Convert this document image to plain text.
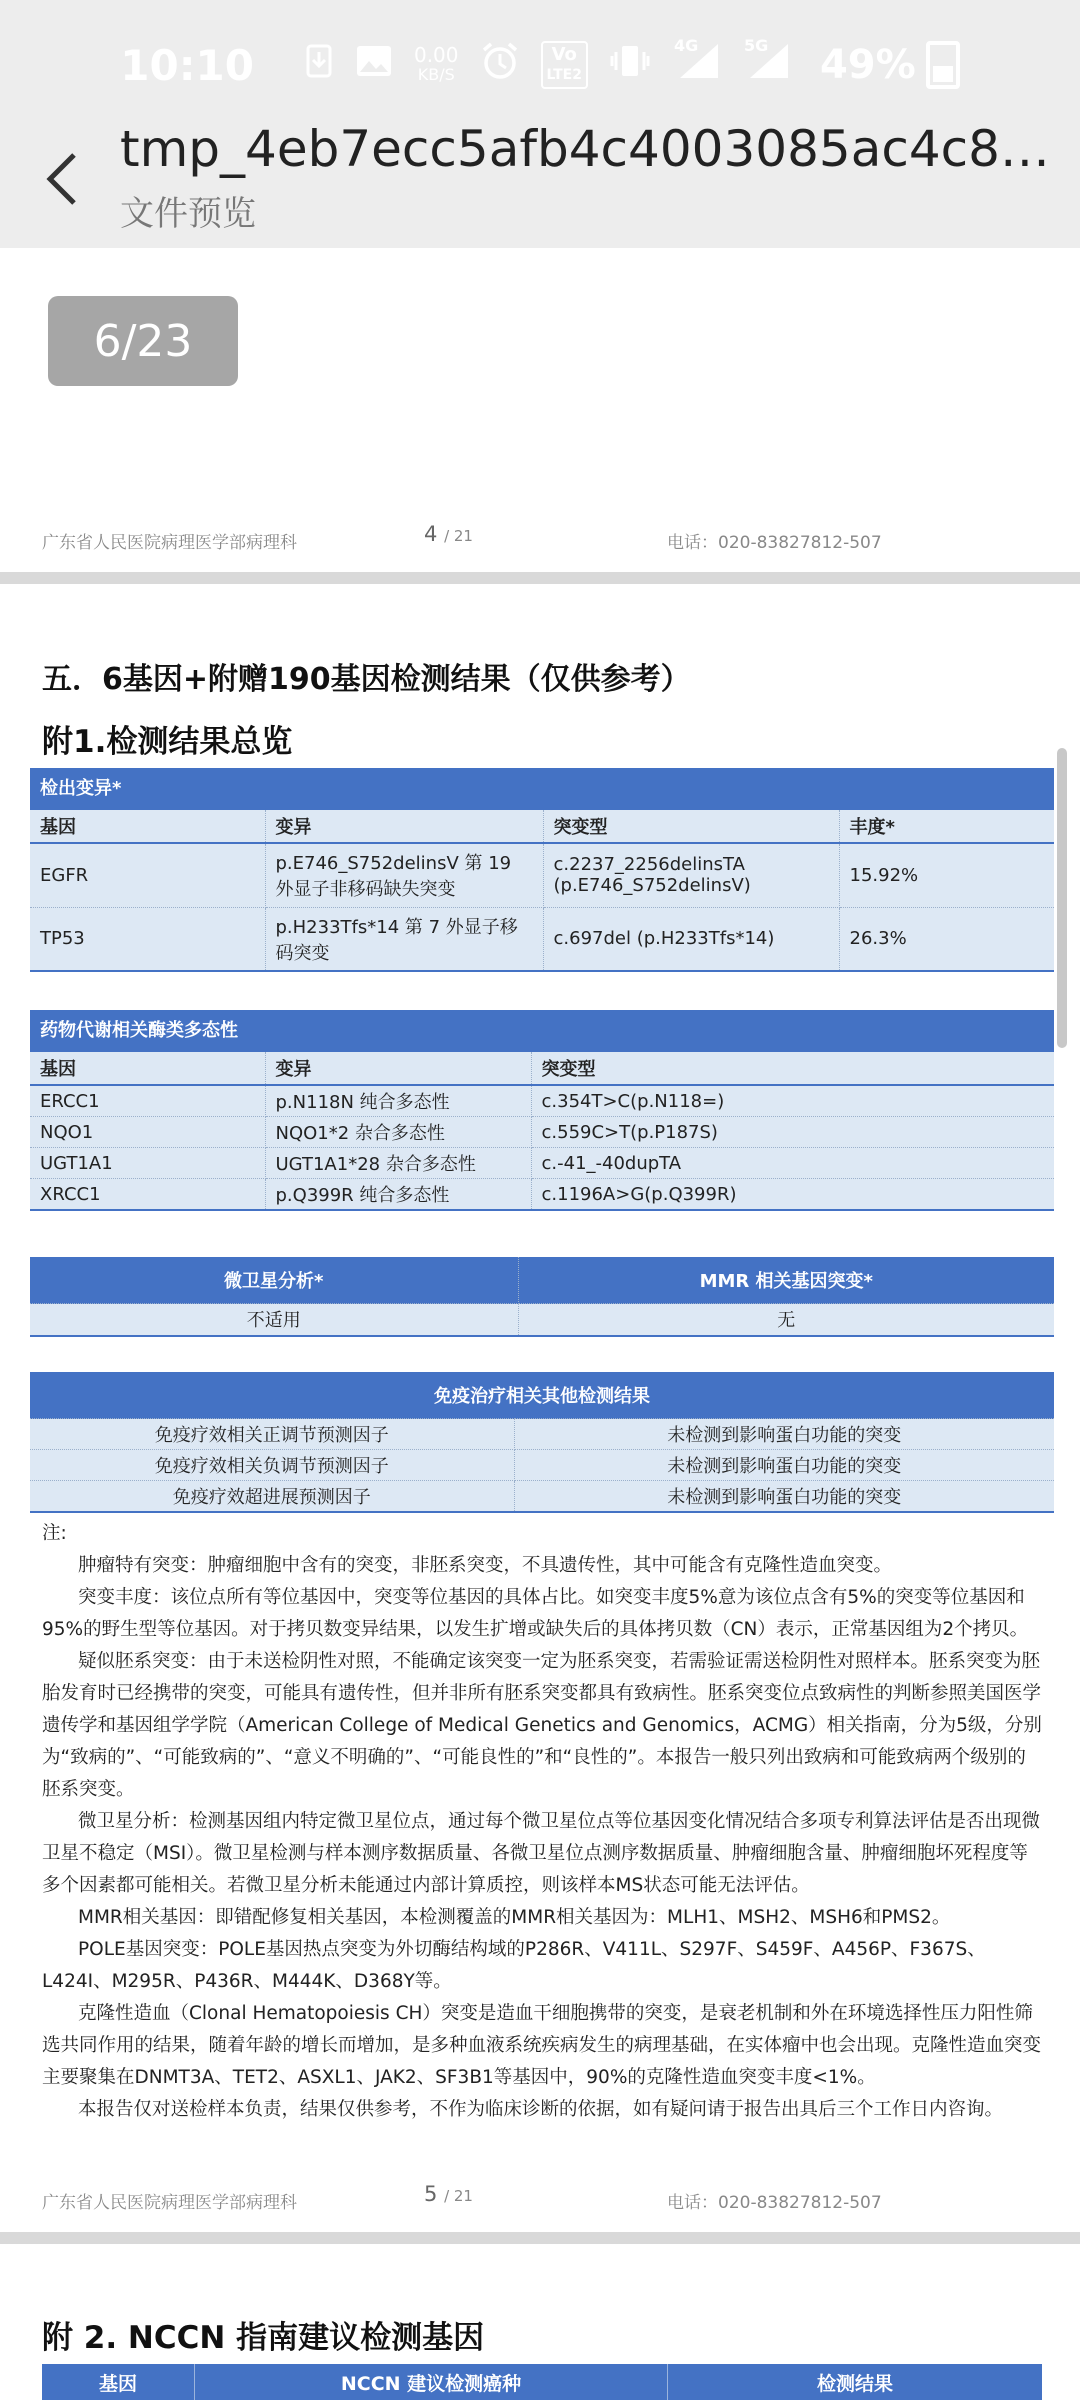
10:10	0.00
KB/S
Vo
LTE2
4G	5G 49%
tmp_4eb7ecc5afb4c4003085ac4c8…
文件预览
6/23
广东省人民医院病理医学部病理科	4 / 21	电话：020-83827812-507
五．6基因+附赠190基因检测结果（仅供参考）
附1.检测结果总览
检出变异*
基因	变异	突变型	丰度*
EGFR	p.E746_S752delinsV 第 19 外显子非移码缺失突变	c.2237_2256delinsTA (p.E746_S752delinsV)	15.92%
TP53	p.H233Tfs*14 第 7 外显子移码突变	c.697del (p.H233Tfs*14)	26.3%
药物代谢相关酶类多态性
基因	变异	突变型
ERCC1	p.N118N 纯合多态性	c.354T>C(p.N118=)
NQO1	NQO1*2 杂合多态性	c.559C>T(p.P187S)
UGT1A1	UGT1A1*28 杂合多态性	c.-41_-40dupTA
XRCC1	p.Q399R 纯合多态性	c.1196A>G(p.Q399R)
微卫星分析*	MMR 相关基因突变*
不适用	无
免疫治疗相关其他检测结果	
免疫疗效相关正调节预测因子	未检测到影响蛋白功能的突变
免疫疗效相关负调节预测因子	未检测到影响蛋白功能的突变
免疫疗效超进展预测因子	未检测到影响蛋白功能的突变

注:

肿瘤特有突变：肿瘤细胞中含有的突变，非胚系突变，不具遗传性，其中可能含有克隆性造血突变。

突变丰度：该位点所有等位基因中，突变等位基因的具体占比。如突变丰度5%意为该位点含有5%的突变等位基因和95%的野生型等位基因。对于拷贝数变异结果，以发生扩增或缺失后的具体拷贝数（CN）表示，正常基因组为2个拷贝。

疑似胚系突变：由于未送检阴性对照，不能确定该突变一定为胚系突变，若需验证需送检阴性对照样本。胚系突变为胚胎发育时已经携带的突变，可能具有遗传性，但并非所有胚系突变都具有致病性。胚系突变位点致病性的判断参照美国医学遗传学和基因组学学院（American College of Medical Genetics and Genomics，ACMG）相关指南，分为5级，分别为“致病的”、“可能致病的”、“意义不明确的”、“可能良性的”和“良性的”。本报告一般只列出致病和可能致病两个级别的胚系突变。

微卫星分析：检测基因组内特定微卫星位点，通过每个微卫星位点等位基因变化情况结合多项专利算法评估是否出现微卫星不稳定（MSI）。微卫星检测与样本测序数据质量、各微卫星位点测序数据质量、肿瘤细胞含量、肿瘤细胞坏死程度等多个因素都可能相关。若微卫星分析未能通过内部计算质控，则该样本MS状态可能无法评估。

MMR相关基因：即错配修复相关基因，本检测覆盖的MMR相关基因为：MLH1、MSH2、MSH6和PMS2。

POLE基因突变：POLE基因热点突变为外切酶结构域的P286R、V411L、S297F、S459F、A456P、F367S、L424I、M295R、P436R、M444K、D368Y等。

克隆性造血（Clonal Hematopoiesis CH）突变是造血干细胞携带的突变，是衰老机制和外在环境选择性压力阳性筛选共同作用的结果，随着年龄的增长而增加，是多种血液系统疾病发生的病理基础，在实体瘤中也会出现。克隆性造血突变主要聚集在DNMT3A、TET2、ASXL1、JAK2、SF3B1等基因中，90%的克隆性造血突变丰度<1%。

本报告仅对送检样本负责，结果仅供参考，不作为临床诊断的依据，如有疑问请于报告出具后三个工作日内咨询。

广东省人民医院病理医学部病理科	5 / 21	电话：020-83827812-507
附 2. NCCN 指南建议检测基因
基因	NCCN 建议检测癌种	检测结果
